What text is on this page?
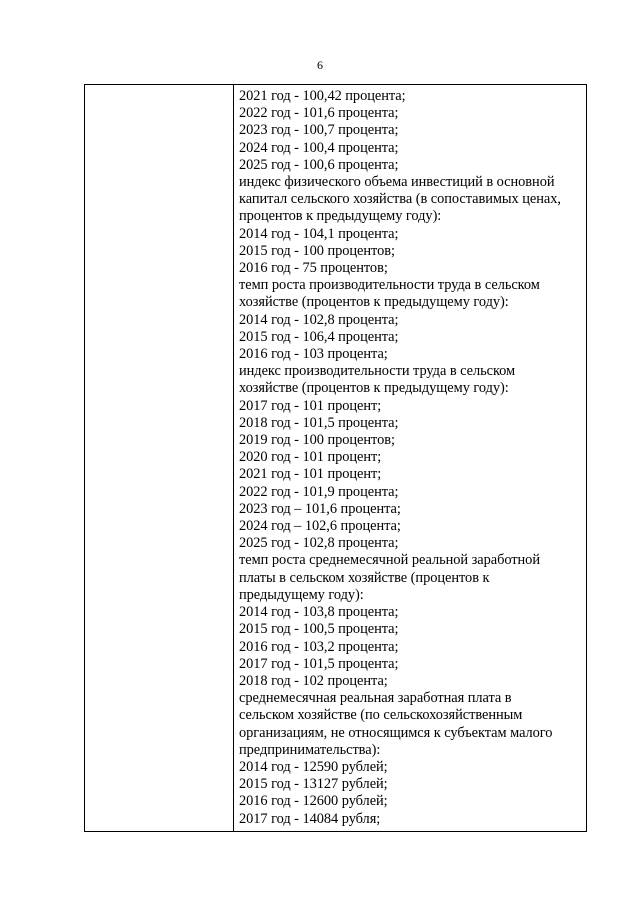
6

2021 год - 100,42 процента;
2022 год - 101,6 процента;
2023 год - 100,7 процента;
2024 год - 100,4 процента;
2025 год - 100,6 процента;
индекс физического объема инвестиций в основной
капитал сельского хозяйства (в сопоставимых ценах,
процентов к предыдущему году):
2014 год - 104,1 процента;
2015 год - 100 процентов;
2016 год - 75 процентов;
темп роста производительности труда в сельском
хозяйстве (процентов к предыдущему году):
2014 год - 102,8 процента;
2015 год - 106,4 процента;
2016 год - 103 процента;
индекс производительности труда в сельском
хозяйстве (процентов к предыдущему году):
2017 год - 101 процент;
2018 год - 101,5 процента;
2019 год - 100 процентов;
2020 год - 101 процент;
2021 год - 101 процент;
2022 год - 101,9 процента;
2023 год – 101,6 процента;
2024 год – 102,6 процента;
2025 год - 102,8 процента;
темп роста среднемесячной реальной заработной
платы в сельском хозяйстве (процентов к
предыдущему году):
2014 год - 103,8 процента;
2015 год - 100,5 процента;
2016 год - 103,2 процента;
2017 год - 101,5 процента;
2018 год - 102 процента;
среднемесячная реальная заработная плата в
сельском хозяйстве (по сельскохозяйственным
организациям, не относящимся к субъектам малого
предпринимательства):
2014 год - 12590 рублей;
2015 год - 13127 рублей;
2016 год - 12600 рублей;
2017 год - 14084 рубля;
